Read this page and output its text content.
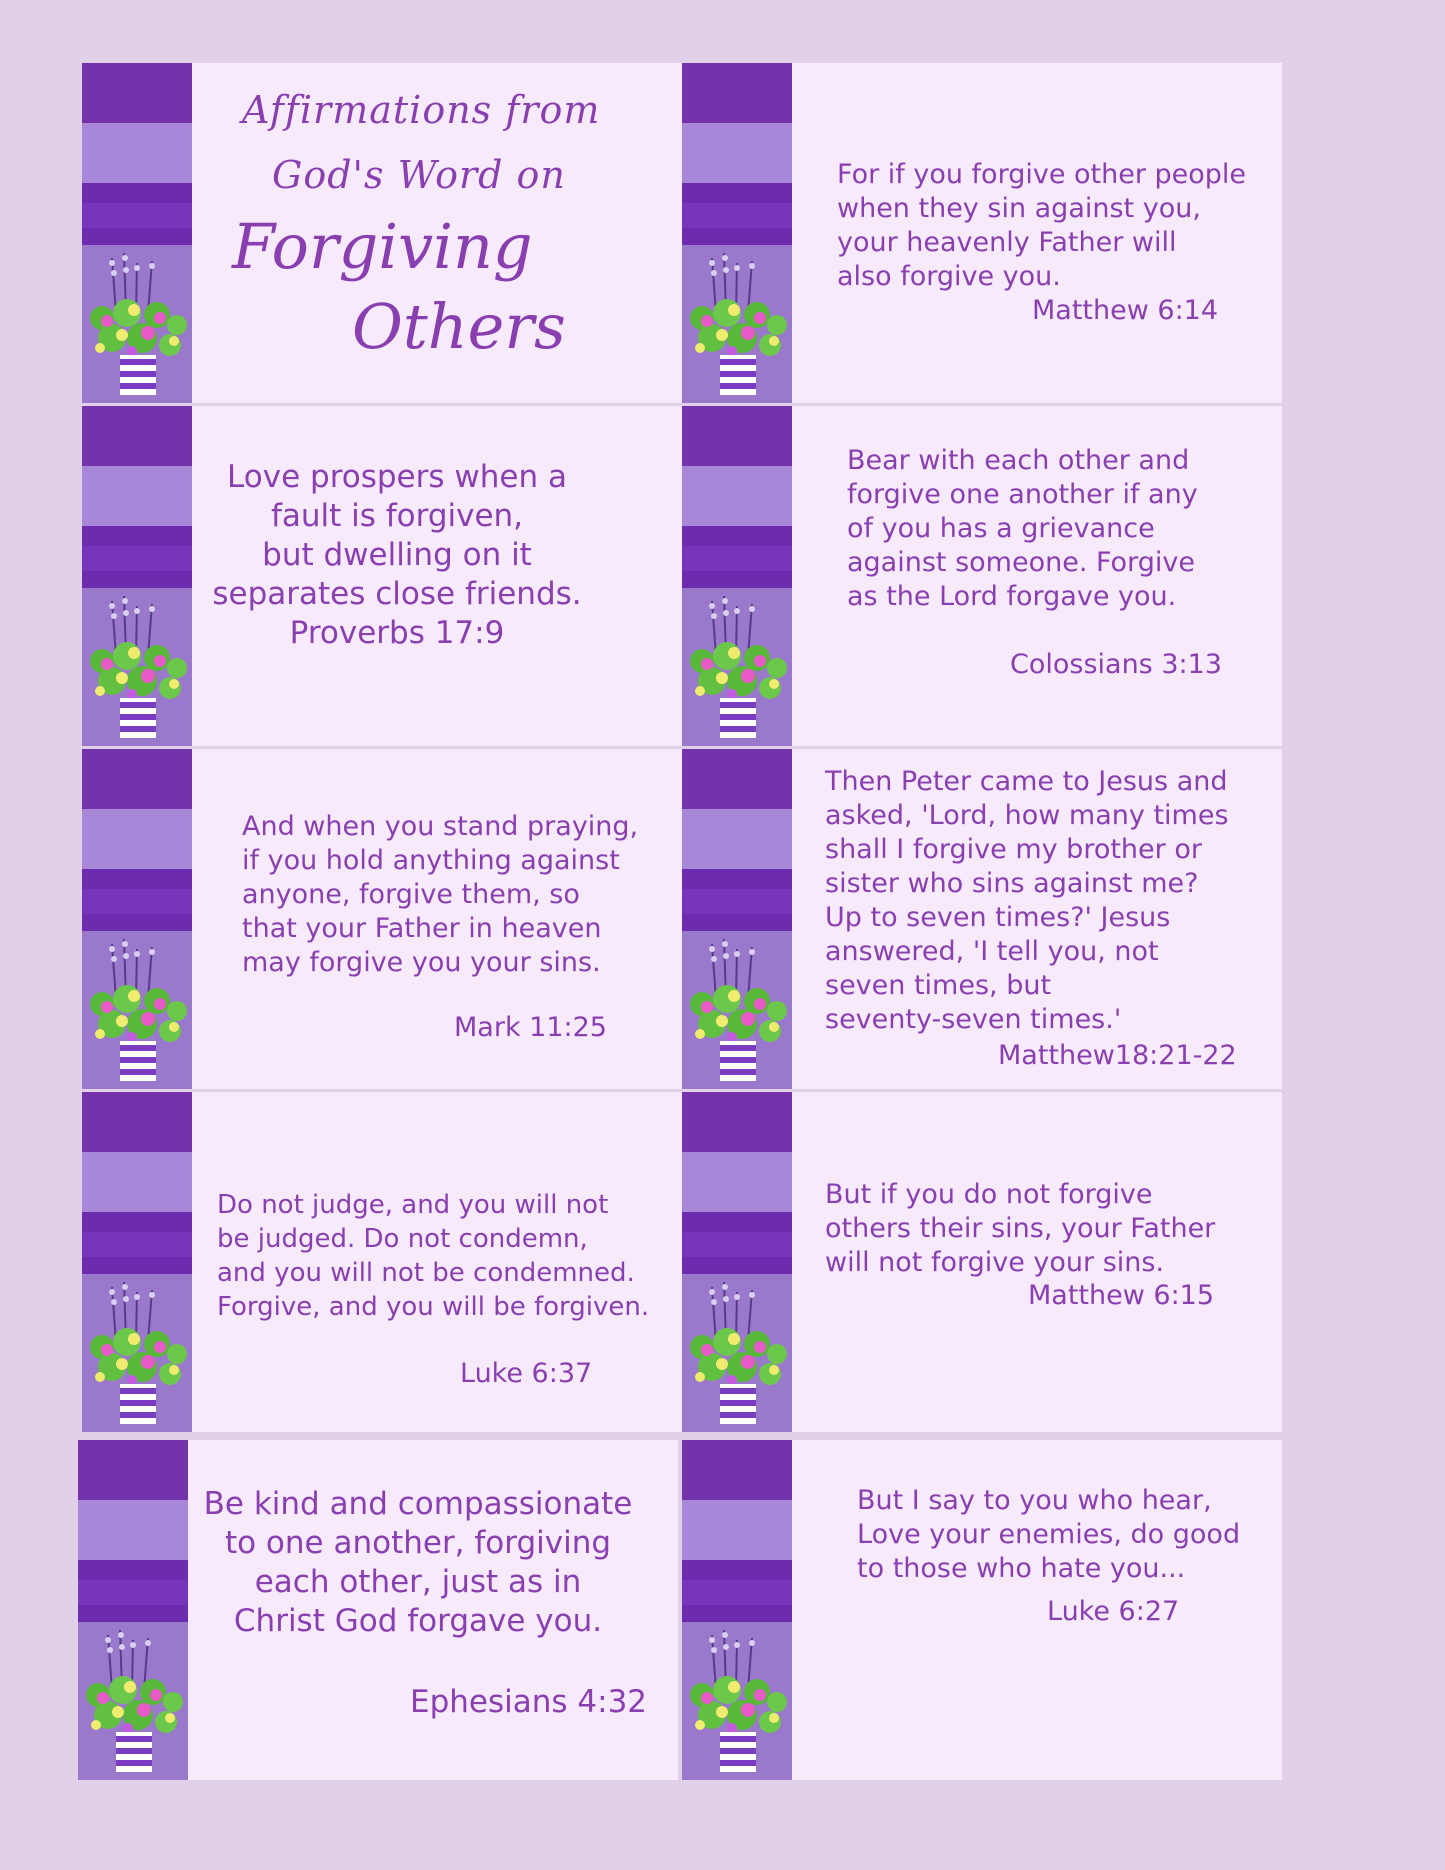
Affirmations from
God's Word on
Forgiving
Others
For if you forgive other people
when they sin against you,
your heavenly Father will
also forgive you.
Matthew 6:14
Love prospers when a
fault is forgiven,
but dwelling on it
separates close friends.
Proverbs 17:9
Bear with each other and
forgive one another if any
of you has a grievance
against someone. Forgive
as the Lord forgave you.
Colossians 3:13
And when you stand praying,
if you hold anything against
anyone, forgive them, so
that your Father in heaven
may forgive you your sins.
Mark 11:25
Then Peter came to Jesus and
asked, 'Lord, how many times
shall I forgive my brother or
sister who sins against me?
Up to seven times?' Jesus
answered, 'I tell you, not
seven times, but
seventy-seven times.'
Matthew18:21-22
Do not judge, and you will not
be judged. Do not condemn,
and you will not be condemned.
Forgive, and you will be forgiven.
Luke 6:37
But if you do not forgive
others their sins, your Father
will not forgive your sins.
Matthew 6:15
Be kind and compassionate
to one another, forgiving
each other, just as in
Christ God forgave you.
Ephesians 4:32
But I say to you who hear,
Love your enemies, do good
to those who hate you...
Luke 6:27
